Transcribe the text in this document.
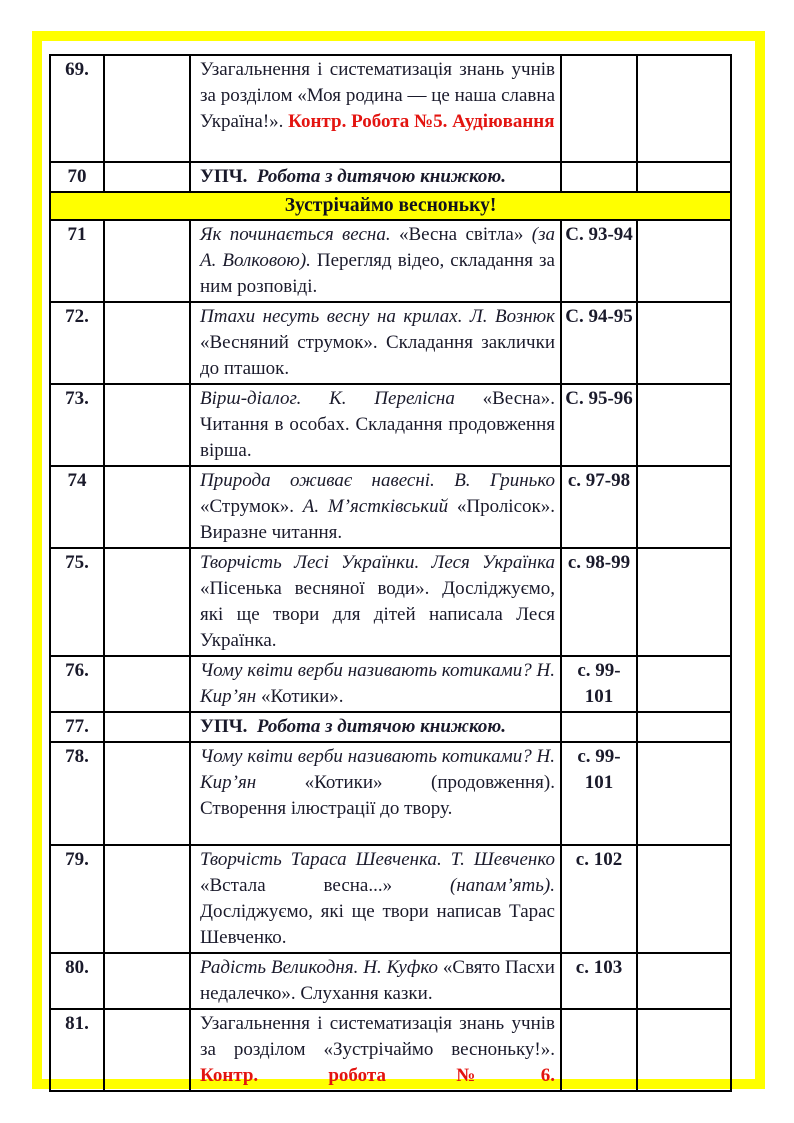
69.		Узагальнення і систематизація знань учнів за розділом «Моя родина — це наша славна Україна!». Контр. Робота №5. Аудіювання		
70		УПЧ.  Робота з дитячою книжкою.		
Зустрічаймо весноньку!				
71		Як починається весна. «Весна світла» (за А. Волковою). Перегляд відео, складання за ним розповіді.	С. 93-94	
72.		Птахи несуть весну на крилах. Л. Вознюк «Весняний струмок». Складання заклички до пташок.	С. 94-95	
73.		Вірш-діалог. К. Перелісна «Весна». Читання в особах. Складання продовження вірша.	С. 95-96	
74		Природа оживає навесні. В. Гринько «Струмок». А. М’ястківський «Пролісок». Виразне читання.	с. 97-98	
75.		Творчість Лесі Українки. Леся Українка «Пісенька весняної води». Досліджуємо, які ще твори для дітей написала Леся Українка.	с. 98-99	
76.		Чому квіти верби називають котиками? Н. Кир’ян «Котики».	с. 99-101	
77.		УПЧ.  Робота з дитячою книжкою.		
78.		Чому квіти верби називають котиками? Н. Кир’ян «Котики» (продовження). Створення ілюстрації до твору.	с. 99-101	
79.		Творчість Тараса Шевченка. Т. Шевченко «Встала весна...» (напам’ять). Досліджуємо, які ще твори написав Тарас Шевченко.	с. 102	
80.		Радість Великодня. Н. Куфко «Свято Пасхи недалечко». Слухання казки.	с. 103	
81.		Узагальнення і систематизація знань учнів за розділом «Зустрічаймо весноньку!». Контр. робота №6.		
